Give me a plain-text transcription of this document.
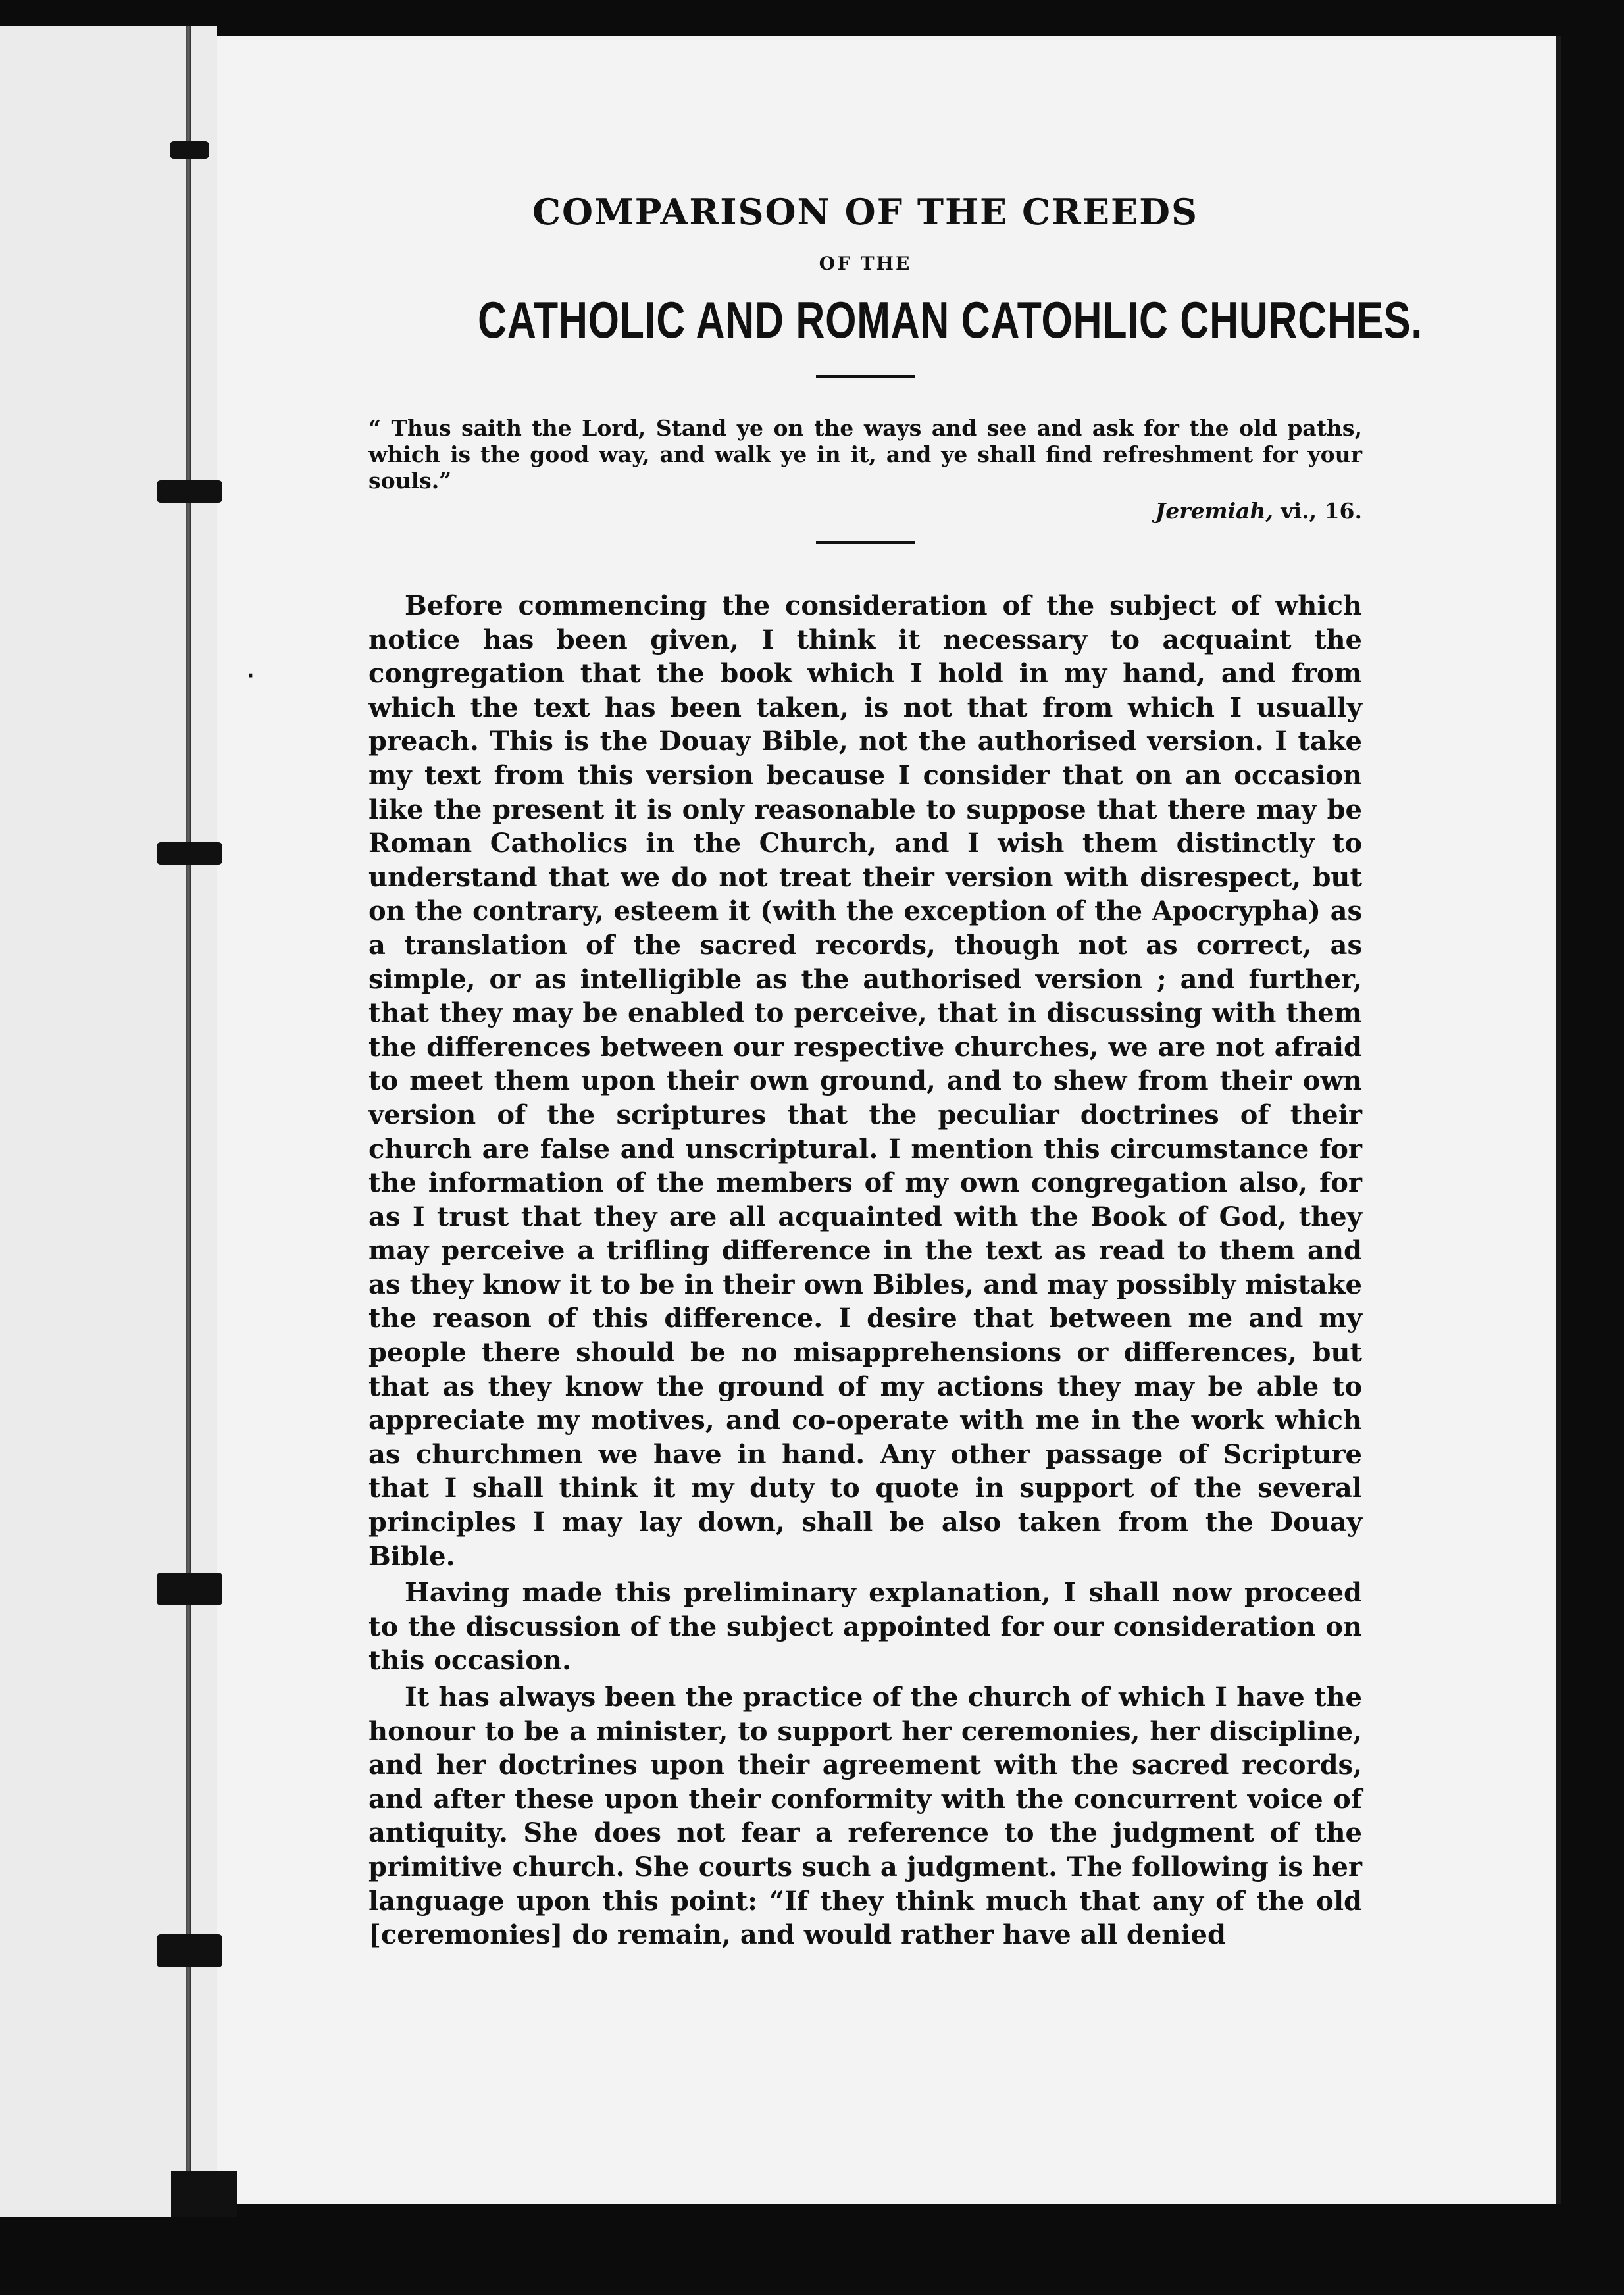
·
COMPARISON OF THE CREEDS
OF THE
CATHOLIC AND ROMAN CATOHLIC CHURCHES.

“ Thus saith the Lord, Stand ye on the ways and see and ask for the old paths, which is the good way, and walk ye in it, and ye shall find refreshment for your souls.”

Jeremiah, vi., 16.

Before commencing the consideration of the subject of which notice has been given, I think it necessary to acquaint the congregation that the book which I hold in my hand, and from which the text has been taken, is not that from which I usually preach. This is the Douay Bible, not the authorised version. I take my text from this version because I consider that on an occasion like the present it is only reasonable to suppose that there may be Roman Catholics in the Church, and I wish them distinctly to understand that we do not treat their version with disrespect, but on the contrary, esteem it (with the exception of the Apocrypha) as a translation of the sacred records, though not as correct, as simple, or as intelligible as the authorised version ; and further, that they may be enabled to perceive, that in discussing with them the differences between our respective churches, we are not afraid to meet them upon their own ground, and to shew from their own version of the scriptures that the peculiar doctrines of their church are false and unscriptural. I mention this circumstance for the information of the members of my own congregation also, for as I trust that they are all acquainted with the Book of God, they may perceive a trifling difference in the text as read to them and as they know it to be in their own Bibles, and may possibly mistake the reason of this difference. I desire that between me and my people there should be no misapprehensions or differences, but that as they know the ground of my actions they may be able to appreciate my motives, and co-operate with me in the work which as churchmen we have in hand. Any other passage of Scripture that I shall think it my duty to quote in support of the several principles I may lay down, shall be also taken from the Douay Bible.

Having made this preliminary explanation, I shall now proceed to the discussion of the subject appointed for our consideration on this occasion.

It has always been the practice of the church of which I have the honour to be a minister, to support her ceremonies, her discipline, and her doctrines upon their agreement with the sacred records, and after these upon their conformity with the concurrent voice of antiquity. She does not fear a reference to the judgment of the primitive church. She courts such a judgment. The following is her language upon this point: “If they think much that any of the old [ceremonies] do remain, and would rather have all denied
